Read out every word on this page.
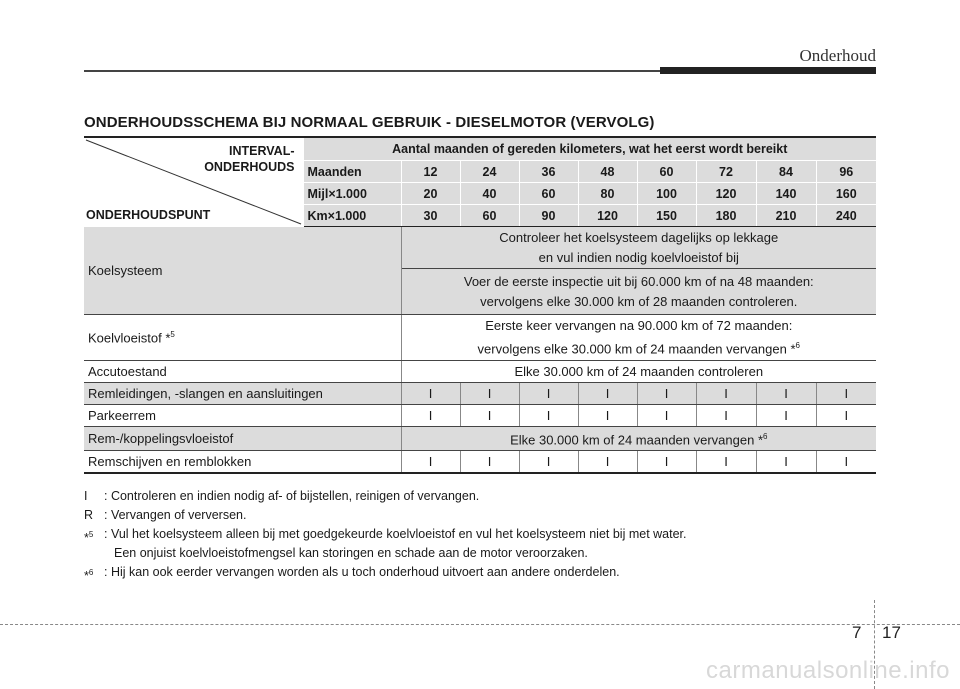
Onderhoud
ONDERHOUDSSCHEMA BIJ NORMAAL GEBRUIK - DIESELMOTOR (VERVOLG)
INTERVAL-
ONDERHOUDS
ONDERHOUDSPUNT	Aantal maanden of gereden kilometers, wat het eerst wordt bereikt								
	Maanden	12	24	36	48	60	72	84	96
	Mijl×1.000	20	40	60	80	100	120	140	160
	Km×1.000	30	60	90	120	150	180	210	240
Koelsysteem		Controleer het koelsysteem dagelijks op lekkage
en vul indien nodig koelvloeistof bij							

		Voer de eerste inspectie uit bij 60.000 km of na 48 maanden:
vervolgens elke 30.000 km of 28 maanden controleren.							

Koelvloeistof *$^5$		Eerste keer vervangen na 90.000 km of 72 maanden:
vervolgens elke 30.000 km of 24 maanden vervangen *$^6$

Accutoestand		Elke 30.000 km of 24 maanden controleren							
Remleidingen, -slangen en aansluitingen		I	I	I	I	I	I	I	I
Parkeerrem		I	I	I	I	I	I	I	I
Rem-/koppelingsvloeistof		Elke 30.000 km of 24 maanden vervangen *$^6$
Remschijven en remblokken		I	I	I	I	I	I	I	I
I	: Controleren en indien nodig af- of bijstellen, reinigen of vervangen.
R : Vervangen of verversen.
*$^5$ : Vul het koelsysteem alleen bij met goedgekeurde koelvloeistof en vul het koelsysteem niet bij met water.
Een onjuist koelvloeistofmengsel kan storingen en schade aan de motor veroorzaken.
*$^6$ : Hij kan ook eerder vervangen worden als u toch onderhoud uitvoert aan andere onderdelen.
7 17
carmanualsonline.info
